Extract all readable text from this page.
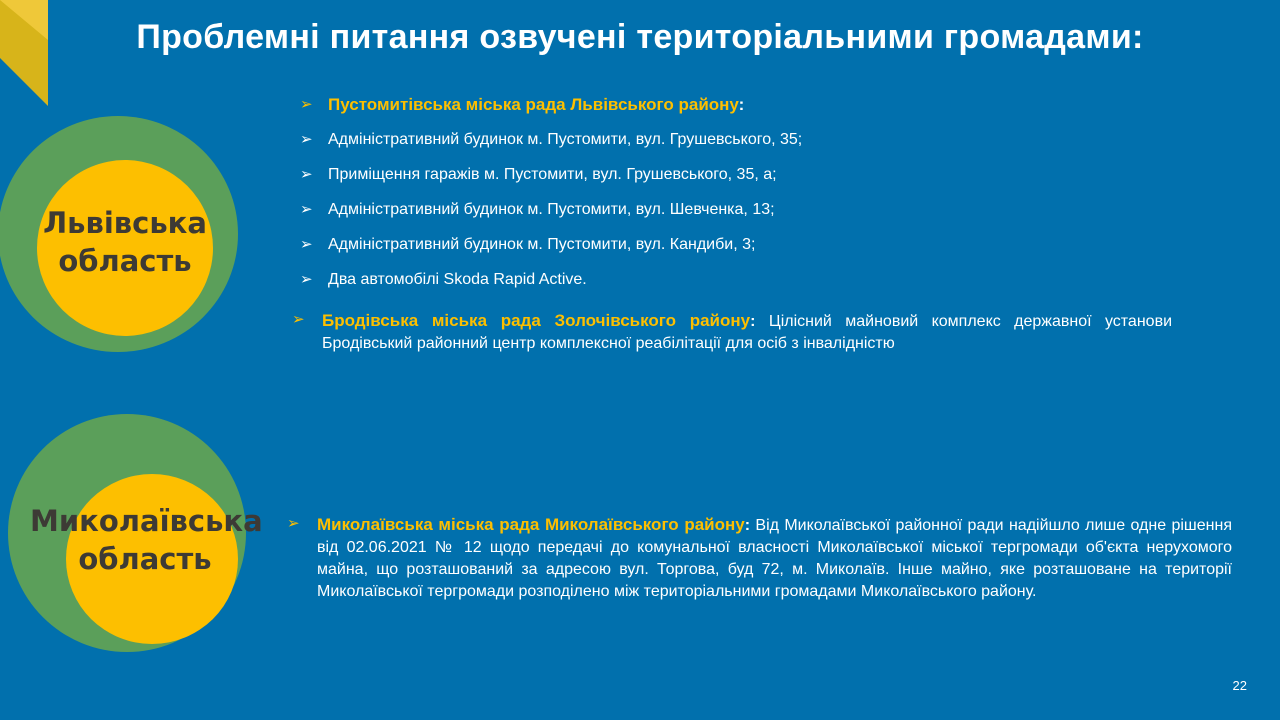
Проблемні питання озвучені територіальними громадами:
Львівська
область
Миколаївська
область
➢ Пустомитівська міська рада Львівського району:
➢ Адміністративний будинок м. Пустомити, вул. Грушевського, 35;
➢ Приміщення гаражів м. Пустомити, вул. Грушевського, 35, а;
➢ Адміністративний будинок м. Пустомити, вул. Шевченка, 13;
➢ Адміністративний будинок м. Пустомити, вул. Кандиби, 3;
➢ Два автомобілі Skoda Rapid Active.
➢ Бродівська міська рада Золочівського району: Цілісний майновий комплекс державної установи Бродівський районний центр комплексної реабілітації для осіб з інвалідністю
➢ Миколаївська міська рада Миколаївського району: Від Миколаївської районної ради надійшло лише одне рішення від 02.06.2021 № 12 щодо передачі до комунальної власності Миколаївської міської тергромади об'єкта нерухомого майна, що розташований за адресою вул. Торгова, буд 72, м. Миколаїв. Інше майно, яке розташоване на території Миколаївської тергромади розподілено між територіальними громадами Миколаївського району.
22
